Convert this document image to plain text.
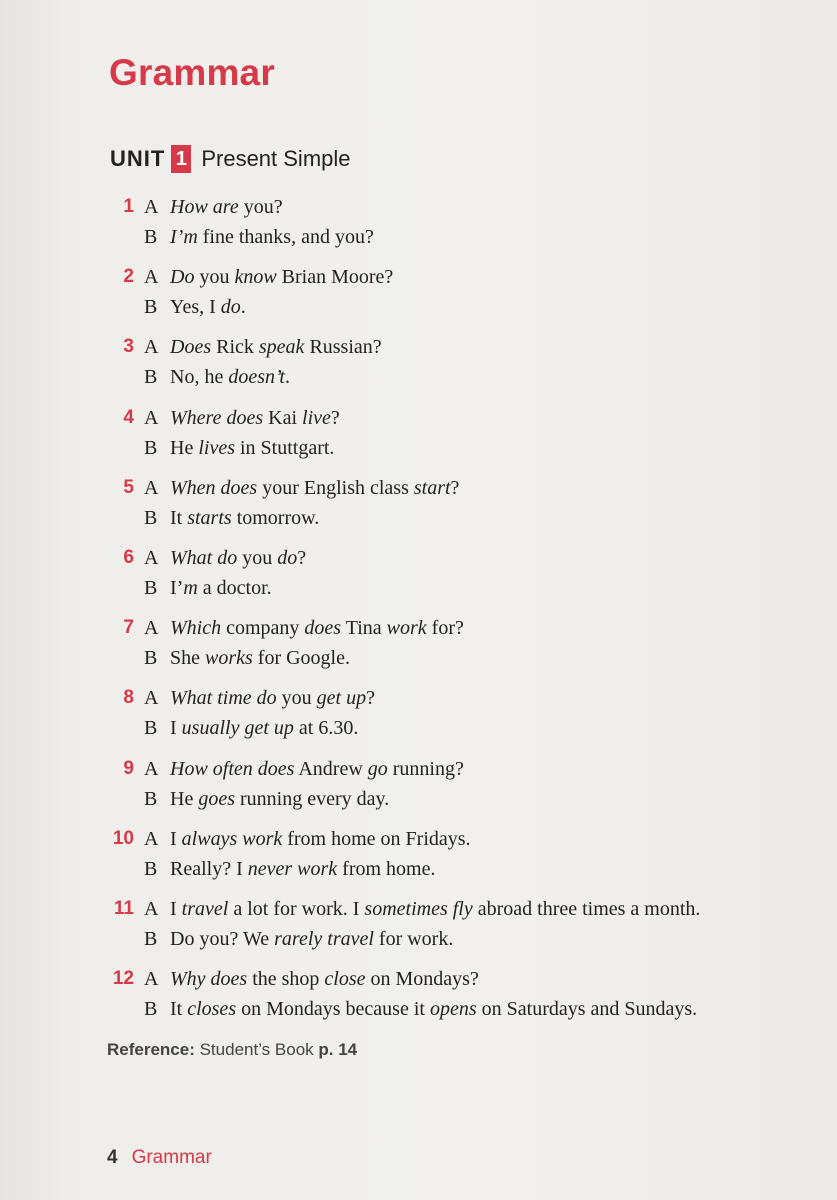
Grammar
UNIT 1 Present Simple
1 A How are you?
B I’m fine thanks, and you?
2 A Do you know Brian Moore?
B Yes, I do.
3 A Does Rick speak Russian?
B No, he doesn’t.
4 A Where does Kai live?
B He lives in Stuttgart.
5 A When does your English class start?
B It starts tomorrow.
6 A What do you do?
B I’m a doctor.
7 A Which company does Tina work for?
B She works for Google.
8 A What time do you get up?
B I usually get up at 6.30.
9 A How often does Andrew go running?
B He goes running every day.
10 A I always work from home on Fridays.
B Really? I never work from home.
11 A I travel a lot for work. I sometimes fly abroad three times a month.
B Do you? We rarely travel for work.
12 A Why does the shop close on Mondays?
B It closes on Mondays because it opens on Saturdays and Sundays.
Reference: Student’s Book p. 14
4 Grammar
